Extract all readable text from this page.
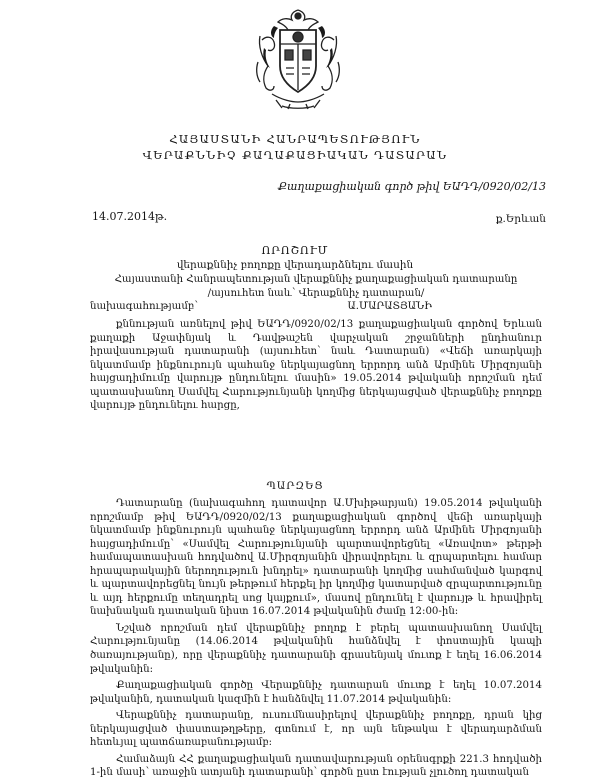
ՀԱՅԱՍՏԱՆԻ ՀԱՆՐԱՊԵՏՈՒԹՅՈՒՆ
ՎԵՐԱՔՆՆԻՉ ՔԱՂԱՔԱՑԻԱԿԱՆ ԴԱՏԱՐԱՆ
Քաղաքացիական գործ թիվ ԵԱԴԴ/0920/02/13
14.07.2014թ.	ք.Երևան
ՈՐՈՇՈՒՄ
վերաքննիչ բողոքը վերադարձնելու մասին
Հայաստանի Հանրապետության վերաքննիչ քաղաքացիական դատարանը
/այսուհետ նաև՝ Վերաքննիչ դատարան/
նախագահությամբ՝	Ա.ՄԱՐԱՏՅԱՆԻ

քննության առնելով թիվ ԵԱԴԴ/0920/02/13 քաղաքացիական գործով Երևան քաղաքի Աջափնյակ և Դավթաշեն վարչական շրջանների ընդհանուր իրավասության դատարանի (այսուհետ՝ նաև Դատարան) «Վեճի առարկայի նկատմամբ ինքնուրույն պահանջ ներկայացնող երրորդ անձ Արմինե Միրզոյանի հայցադիմումը վարույթ ընդունելու մասին» 19.05.2014 թվականի որոշման դեմ պատասխանող Սամվել Հարությունյանի կողմից ներկայացված վերաքննիչ բողոքը վարույթ ընդունելու հարցը,

ՊԱՐԶԵՑ

Դատարանը (նախագահող դատավոր Ա.Մխիթարյան) 19.05.2014 թվականի որոշմամբ թիվ ԵԱԴԴ/0920/02/13 քաղաքացիական գործով վեճի առարկայի նկատմամբ ինքնուրույն պահանջ ներկայացնող երրորդ անձ Արմինե Միրզոյանի հայցադիմումը՝ «Սամվել Հարությունյանի պարտավորեցնել «Առավոտ» թերթի համապատասխան հոդվածով Ա.Միրզոյանին վիրավորելու և զրպարտելու համար հրապարակային ներողություն խնդրել» դատարանի կողմից սահմանված կարգով և պարտավորեցնել նույն թերթում հերքել իր կողմից կատարված զրպարտությունը և այդ հերքումը տեղադրել սոց կայքում», մասով ընդունել է վարույթ և հրավիրել նախնական դատական նիստ 16.07.2014 թվականին ժամը 12:00-ին:

Նշված որոշման դեմ վերաքննիչ բողոք է բերել պատասխանող Սամվել Հարությունյանը (14.06.2014 թվականին հանձնվել է փոստային կապի ծառայությանը), որը վերաքննիչ դատարանի գրասենյակ մուտք է եղել 16.06.2014 թվականին:

Քաղաքացիական գործը Վերաքննիչ դատարան մուտք է եղել 10.07.2014 թվականին, դատական կազմին է հանձնվել 11.07.2014 թվականին:

Վերաքննիչ դատարանը, ուսումնասիրելով վերաքննիչ բողոքը, դրան կից ներկայացված փաստաթղթերը, գտնում է, որ այն ենթակա է վերադարձման հետևյալ պատճառաբանությամբ:

Համաձայն ՀՀ քաղաքացիական դատավարության օրենսգրքի 221.3 հոդվածի 1-ին մասի՝ առաջին ատյանի դատարանի՝ գործն ըստ էության չլուծող դատական
